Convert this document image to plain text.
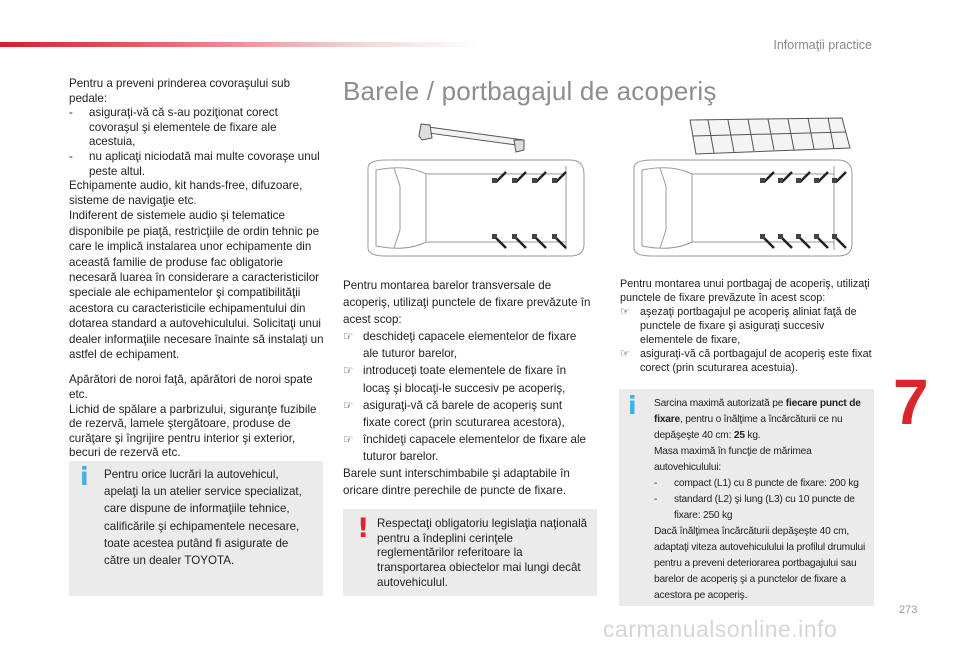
Informaţii practice

Pentru a preveni prinderea covoraşului sub pedale:

-	asiguraţi-vă că s-au poziţionat corect covoraşul şi elementele de fixare ale acestuia,
-	nu aplicaţi niciodată mai multe covoraşe unul peste altul.

Echipamente audio, kit hands-free, difuzoare, sisteme de navigaţie etc.

Indiferent de sistemele audio şi telematice disponibile pe piaţă, restricţiile de ordin tehnic pe care le implică instalarea unor echipamente din această familie de produse fac obligatorie necesară luarea în considerare a caracteristicilor speciale ale echipamentelor şi compatibilităţii acestora cu caracteristicile echipamentului din dotarea standard a autovehiculului. Solicitaţi unui dealer informaţiile necesare înainte să instalaţi un astfel de echipament.

Apărători de noroi faţă, apărători de noroi spate etc.

Lichid de spălare a parbrizului, siguranţe fuzibile de rezervă, lamele ştergătoare, produse de curăţare şi îngrijire pentru interior şi exterior, becuri de rezervă etc.

i Pentru orice lucrări la autovehicul, apelaţi la un atelier service specializat, care dispune de informaţiile tehnice, calificările şi echipamentele necesare, toate acestea putând fi asigurate de către un dealer TOYOTA.
Barele / portbagajul de acoperiş

Pentru montarea barelor transversale de acoperiş, utilizaţi punctele de fixare prevăzute în acest scop:

☞ deschideţi capacele elementelor de fixare ale tuturor barelor,
☞ introduceţi toate elementele de fixare în locaş şi blocaţi-le succesiv pe acoperiş,
☞ asiguraţi-vă că barele de acoperiş sunt fixate corect (prin scuturarea acestora),
☞ închideţi capacele elementelor de fixare ale tuturor barelor.

Barele sunt interschimbabile şi adaptabile în oricare dintre perechile de puncte de fixare.

! Respectaţi obligatoriu legislaţia naţională pentru a îndeplini cerinţele reglementărilor referitoare la transportarea obiectelor mai lungi decât autovehiculul.

Pentru montarea unui portbagaj de acoperiş, utilizaţi punctele de fixare prevăzute în acest scop:

☞ aşezaţi portbagajul pe acoperiş aliniat faţă de punctele de fixare şi asiguraţi succesiv elementele de fixare,
☞ asiguraţi-vă că portbagajul de acoperiş este fixat corect (prin scuturarea acestuia).
i Sarcina maximă autorizată pe fiecare punct de fixare, pentru o înălţime a încărcăturii ce nu depăşeşte 40 cm: 25 kg.

Masa maximă în funcţie de mărimea autovehiculului:

-	compact (L1) cu 8 puncte de fixare: 200 kg
-	standard (L2) şi lung (L3) cu 10 puncte de fixare: 250 kg

Dacă înălţimea încărcăturii depăşeşte 40 cm, adaptaţi viteza autovehiculului la profilul drumului pentru a preveni deteriorarea portbagajului sau barelor de acoperiş şi a punctelor de fixare a acestora pe acoperiş.

7
273
carmanualsonline.info
